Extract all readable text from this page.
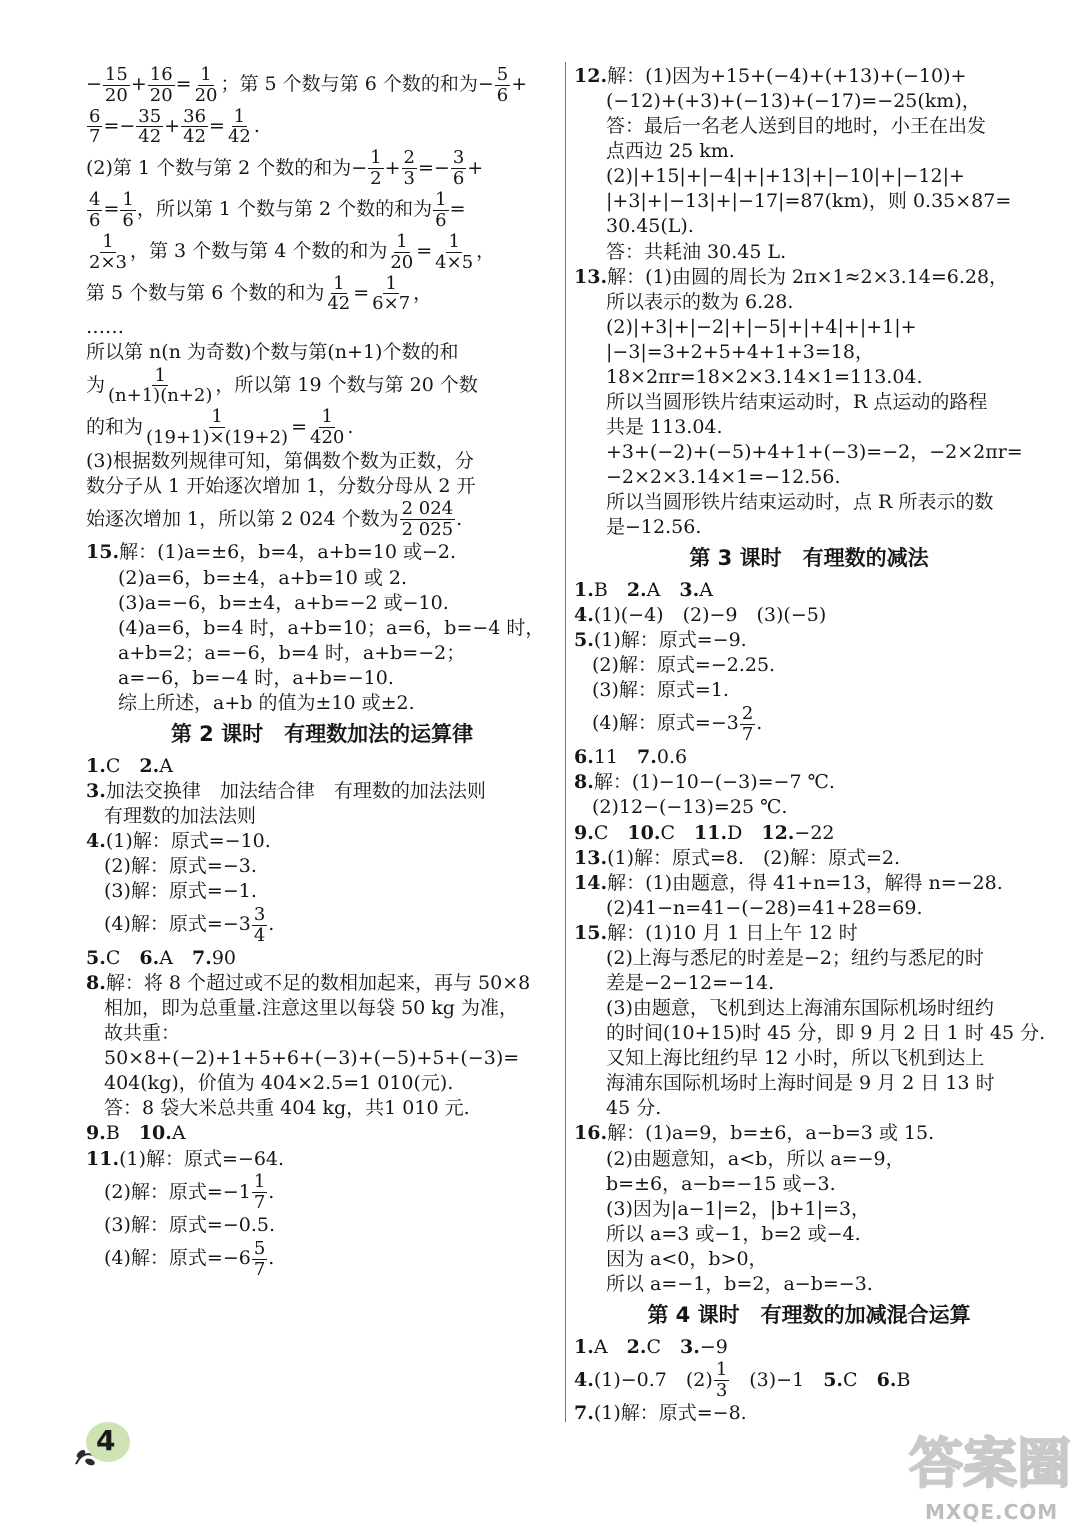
− $\frac{15}{20} + \frac{16}{20} = \frac{1}{20}$ ；第 5 个数与第 6 个数的和为− $\frac{5}{6}$ +
$\frac{6}{7} =- \frac{35}{42} + \frac{36}{42} = \frac{1}{42}$ .
(2)第 1 个数与第 2 个数的和为− $\frac{1}{2} + \frac{2}{3} =- \frac{3}{6}$ +
$\frac{4}{6} = \frac{1}{6}$ ，所以第 1 个数与第 2 个数的和为 $\frac{1}{6}$ =
$\frac{1}{2\times 3}$ ，第 3 个数与第 4 个数的和为 $\frac{1}{20} = \frac{1}{4\times 5}$ ，
第 5 个数与第 6 个数的和为 $\frac{1}{42} = \frac{1}{6\times 7}$ ，
……
所以第 n(n 为奇数)个数与第(n+1)个数的和
为 $\frac{1}{(n+1)(n+2)}$ ，所以第 19 个数与第 20 个数
的和为 $\frac{1}{(19+1)\times(19+2)} = \frac{1}{420}$ .
(3)根据数列规律可知，第偶数个数为正数，分
数分子从 1 开始逐次增加 1，分数分母从 2 开
始逐次增加 1，所以第 2 024 个数为 $\frac{2 024}{2 025}$ .
15.解：(1)a=±6，b=4，a+b=10 或−2.
(2)a=6，b=±4，a+b=10 或 2.
(3)a=−6，b=±4，a+b=−2 或−10.
(4)a=6，b=4 时，a+b=10；a=6，b=−4 时，
a+b=2；a=−6，b=4 时，a+b=−2；
a=−6，b=−4 时，a+b=−10.
综上所述，a+b 的值为±10 或±2.
第 2 课时　有理数加法的运算律
1.C　 2.A
3.加法交换律　加法结合律　有理数的加法法则
有理数的加法法则
4.(1)解：原式=−10.
(2)解：原式=−3.
(3)解：原式=−1.
(4)解：原式$=-3 \frac{3}{4}$ .
5.C　 6.A　 7.90
8.解：将 8 个超过或不足的数相加起来，再与 50×8
相加，即为总重量.注意这里以每袋 50 kg 为准，
故共重：
50×8+(−2)+1+5+6+(−3)+(−5)+5+(−3)=
404(kg)，价值为 404×2.5=1 010(元).
答：8 袋大米总共重 404 kg，共1 010 元.
9.B　 10.A
11.(1)解：原式=−64.
(2)解：原式$=-1 \frac{1}{7}$ .
(3)解：原式=−0.5.
(4)解：原式$=-6 \frac{5}{7}$ .
12.解：(1)因为+15+(−4)+(+13)+(−10)+
(−12)+(+3)+(−13)+(−17)=−25(km)，
答：最后一名老人送到目的地时，小王在出发
点西边 25 km.
(2)|+15|+|−4|+|+13|+|−10|+|−12|+
|+3|+|−13|+|−17|=87(km)，则 0.35×87=
30.45(L).
答：共耗油 30.45 L.
13.解：(1)由圆的周长为 2π×1≈2×3.14=6.28，
所以表示的数为 6.28.
(2)|+3|+|−2|+|−5|+|+4|+|+1|+
|−3|=3+2+5+4+1+3=18，
18×2πr=18×2×3.14×1=113.04.
所以当圆形铁片结束运动时，R 点运动的路程
共是 113.04.
+3+(−2)+(−5)+4+1+(−3)=−2，−2×2πr=
−2×2×3.14×1=−12.56.
所以当圆形铁片结束运动时，点 R 所表示的数
是−12.56.
第 3 课时　有理数的减法
1.B　 2.A　 3.A
4.(1)(−4)　(2)−9　(3)(−5)
5.(1)解：原式=−9.
(2)解：原式=−2.25.
(3)解：原式=1.
(4)解：原式$=-3 \frac{2}{7}$ .
6.11　 7.0.6
8.解：(1)−10−(−3)=−7 ℃.
(2)12−(−13)=25 ℃.
9.C　 10.C　 11.D　 12.−22
13.(1)解：原式=8.　(2)解：原式=2.
14.解：(1)由题意，得 41+n=13，解得 n=−28.
(2)41−n=41−(−28)=41+28=69.
15.解：(1)10 月 1 日上午 12 时
(2)上海与悉尼的时差是−2；纽约与悉尼的时
差是−2−12=−14.
(3)由题意，飞机到达上海浦东国际机场时纽约
的时间(10+15)时 45 分，即 9 月 2 日 1 时 45 分.
又知上海比纽约早 12 小时，所以飞机到达上
海浦东国际机场时上海时间是 9 月 2 日 13 时
45 分.
16.解：(1)a=9，b=±6，a−b=3 或 15.
(2)由题意知，a<b，所以 a=−9，
b=±6，a−b=−15 或−3.
(3)因为|a−1|=2，|b+1|=3，
所以 a=3 或−1，b=2 或−4.
因为 a<0，b>0，
所以 a=−1，b=2，a−b=−3.
第 4 课时　有理数的加减混合运算
1.A　 2.C　 3.−9
4.(1)−0.7　$(2) \frac{1}{3}$ 　(3)−1　5.C　6.B
7.(1)解：原式=−8.
4	答案圈
MXQE.COM
